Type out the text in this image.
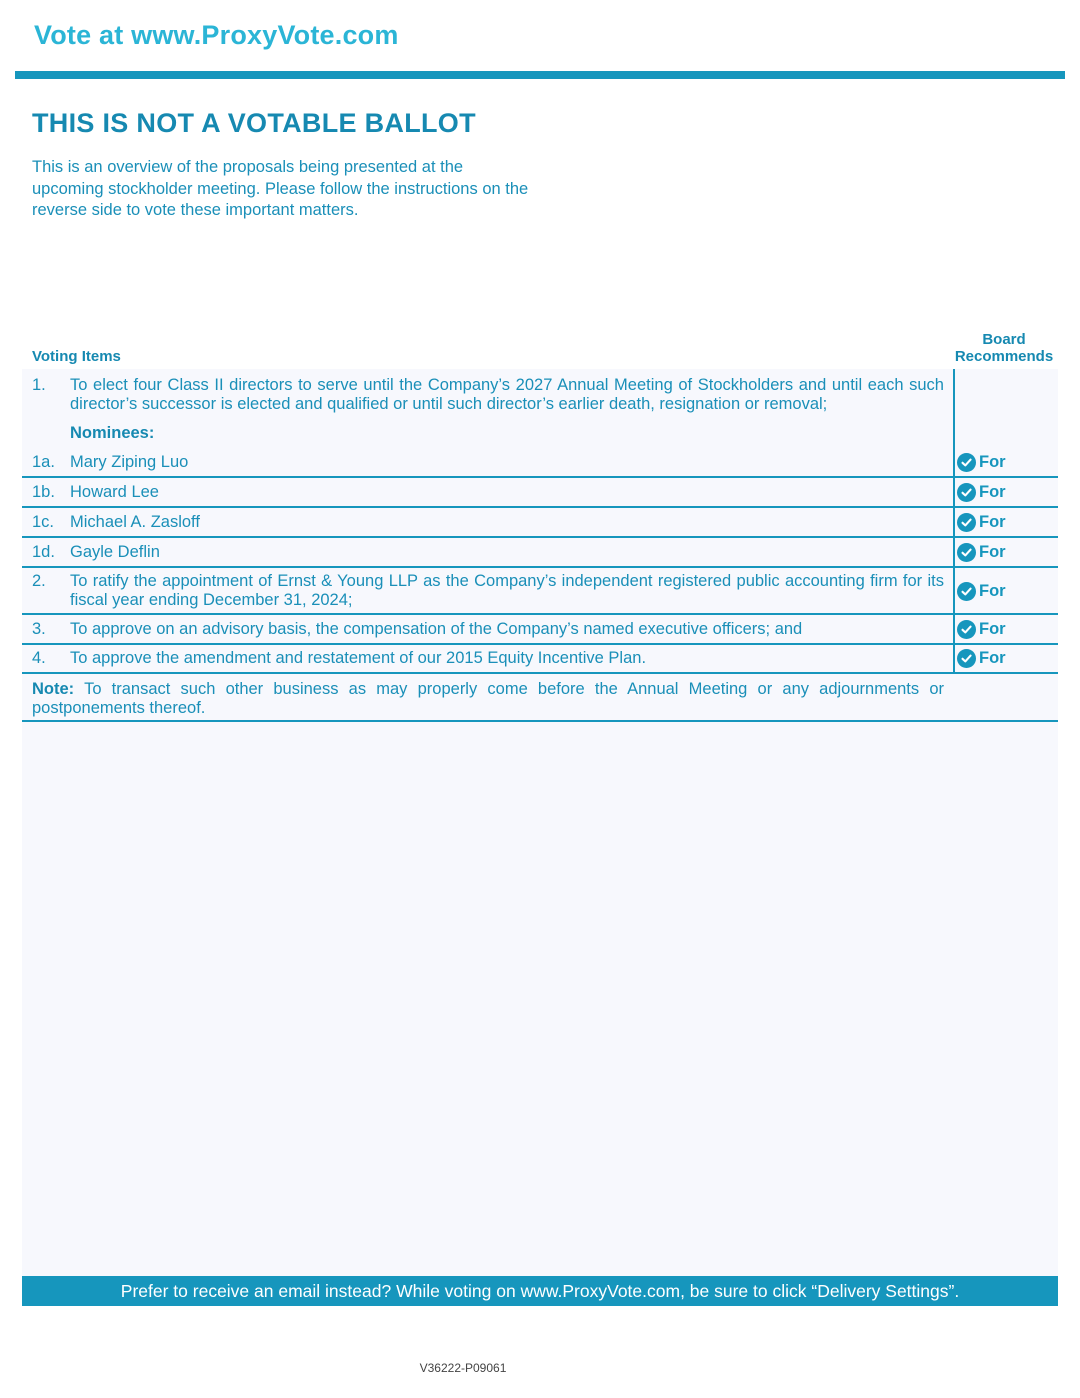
Vote at www.ProxyVote.com
THIS IS NOT A VOTABLE BALLOT
This is an overview of the proposals being presented at the upcoming stockholder meeting. Please follow the instructions on the reverse side to vote these important matters.
Voting Items
Board
Recommends
1. To elect four Class II directors to serve until the Company’s 2027 Annual Meeting of Stockholders and until each such director’s successor is elected and qualified or until such director’s earlier death, resignation or removal;
Nominees:
1a. Mary Ziping Luo	For
1b. Howard Lee	For
1c. Michael A. Zasloff	For
1d. Gayle Deflin	For
2. To ratify the appointment of Ernst & Young LLP as the Company’s independent registered public accounting firm for its fiscal year ending December 31, 2024;	For
3. To approve on an advisory basis, the compensation of the Company’s named executive officers; and	For
4. To approve the amendment and restatement of our 2015 Equity Incentive Plan.	For
Note: To transact such other business as may properly come before the Annual Meeting or any adjournments or postponements thereof.
Prefer to receive an email instead? While voting on www.ProxyVote.com, be sure to click “Delivery Settings”.
V36222-P09061
